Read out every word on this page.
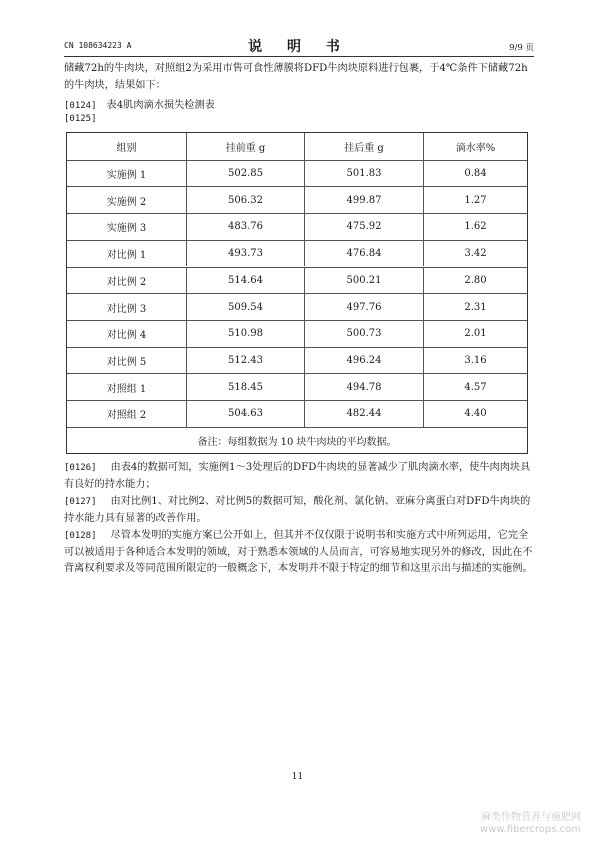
CN 108634223 A	说 明 书	9/9 页
储藏72h的牛肉块，对照组2为采用市售可食性薄膜将DFD牛肉块原料进行包裹，于4℃条件下储藏72h的牛肉块，结果如下：
[0124] 表4肌肉滴水损失检测表
[0125]
组别	挂前重 g	挂后重 g	滴水率%
实施例 1	502.85	501.83	0.84
实施例 2	506.32	499.87	1.27
实施例 3	483.76	475.92	1.62
对比例 1	493.73	476.84	3.42
对比例 2	514.64	500.21	2.80
对比例 3	509.54	497.76	2.31
对比例 4	510.98	500.73	2.01
对比例 5	512.43	496.24	3.16
对照组 1	518.45	494.78	4.57
对照组 2	504.63	482.44	4.40
备注：每组数据为 10 块牛肉块的平均数据。
[0126] 由表4的数据可知，实施例1～3处理后的DFD牛肉块的显著减少了肌肉滴水率，使牛肉肉块具有良好的持水能力；
[0127] 由对比例1、对比例2、对比例5的数据可知，酸化剂、氯化钠、亚麻分离蛋白对DFD牛肉块的持水能力具有显著的改善作用。
[0128] 尽管本发明的实施方案已公开如上，但其并不仅仅限于说明书和实施方式中所列运用，它完全可以被适用于各种适合本发明的领域，对于熟悉本领域的人员而言，可容易地实现另外的修改，因此在不背离权利要求及等同范围所限定的一般概念下，本发明并不限于特定的细节和这里示出与描述的实施例。
11
麻类作物营养与施肥网
www.fibercrops.com
